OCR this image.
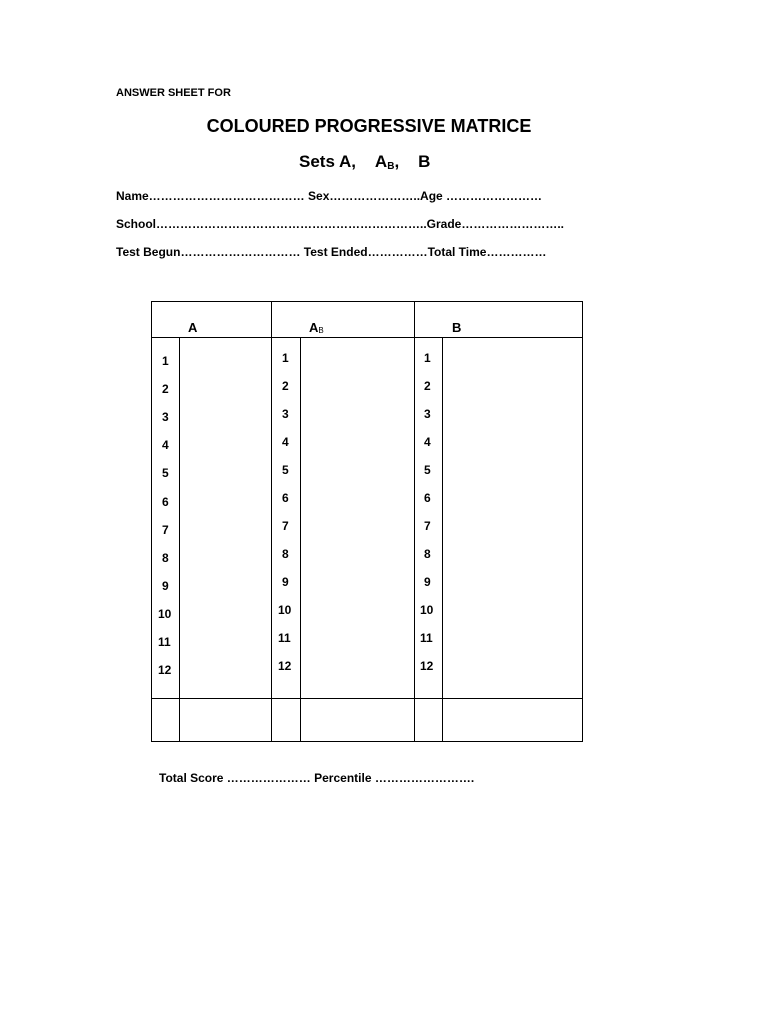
ANSWER SHEET FOR
COLOURED PROGRESSIVE MATRICE
Sets A, $A_B$, B
Name………………………………… Sex…………………..Age ……………………
School…………………………………………………………..Grade……………………..
Test Begun………………………… Test Ended……………Total Time……………
A	$A_B$	B
1
2
3
4
5
6
7
8
9
10
11
12
1
2
3
4
5
6
7
8
9
10
11
12
1
2
3
4
5
6
7
8
9
10
11
12
Total Score ………………… Percentile …………………….
